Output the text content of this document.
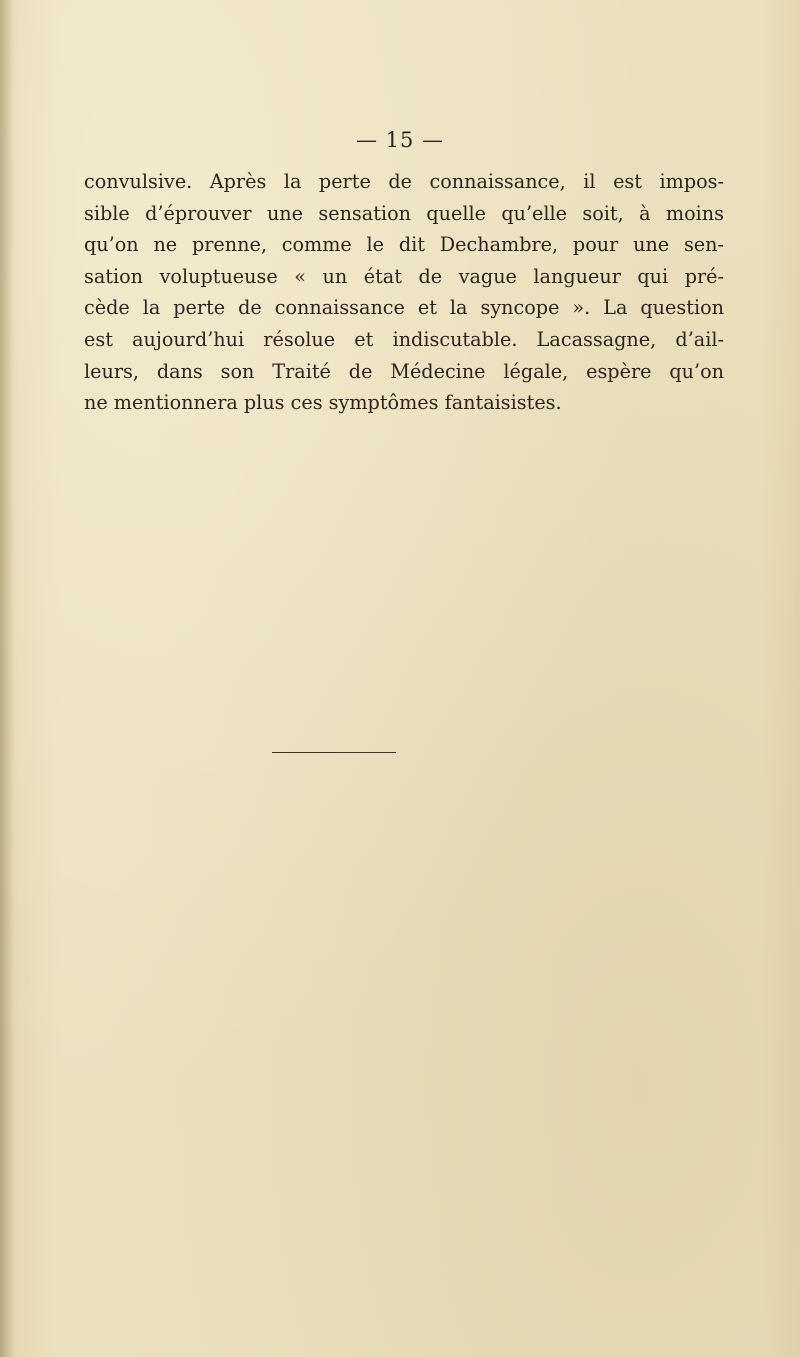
— 15 —

convulsive. Après la perte de connaissance, il est impos-
sible d’éprouver une sensation quelle qu’elle soit, à moins
qu’on ne prenne, comme le dit Dechambre, pour une sen-
sation voluptueuse « un état de vague langueur qui pré-
cède la perte de connaissance et la syncope ». La question
est aujourd’hui résolue et indiscutable. Lacassagne, d’ail-
leurs, dans son Traité de Médecine légale, espère qu’on
ne mentionnera plus ces symptômes fantaisistes.
